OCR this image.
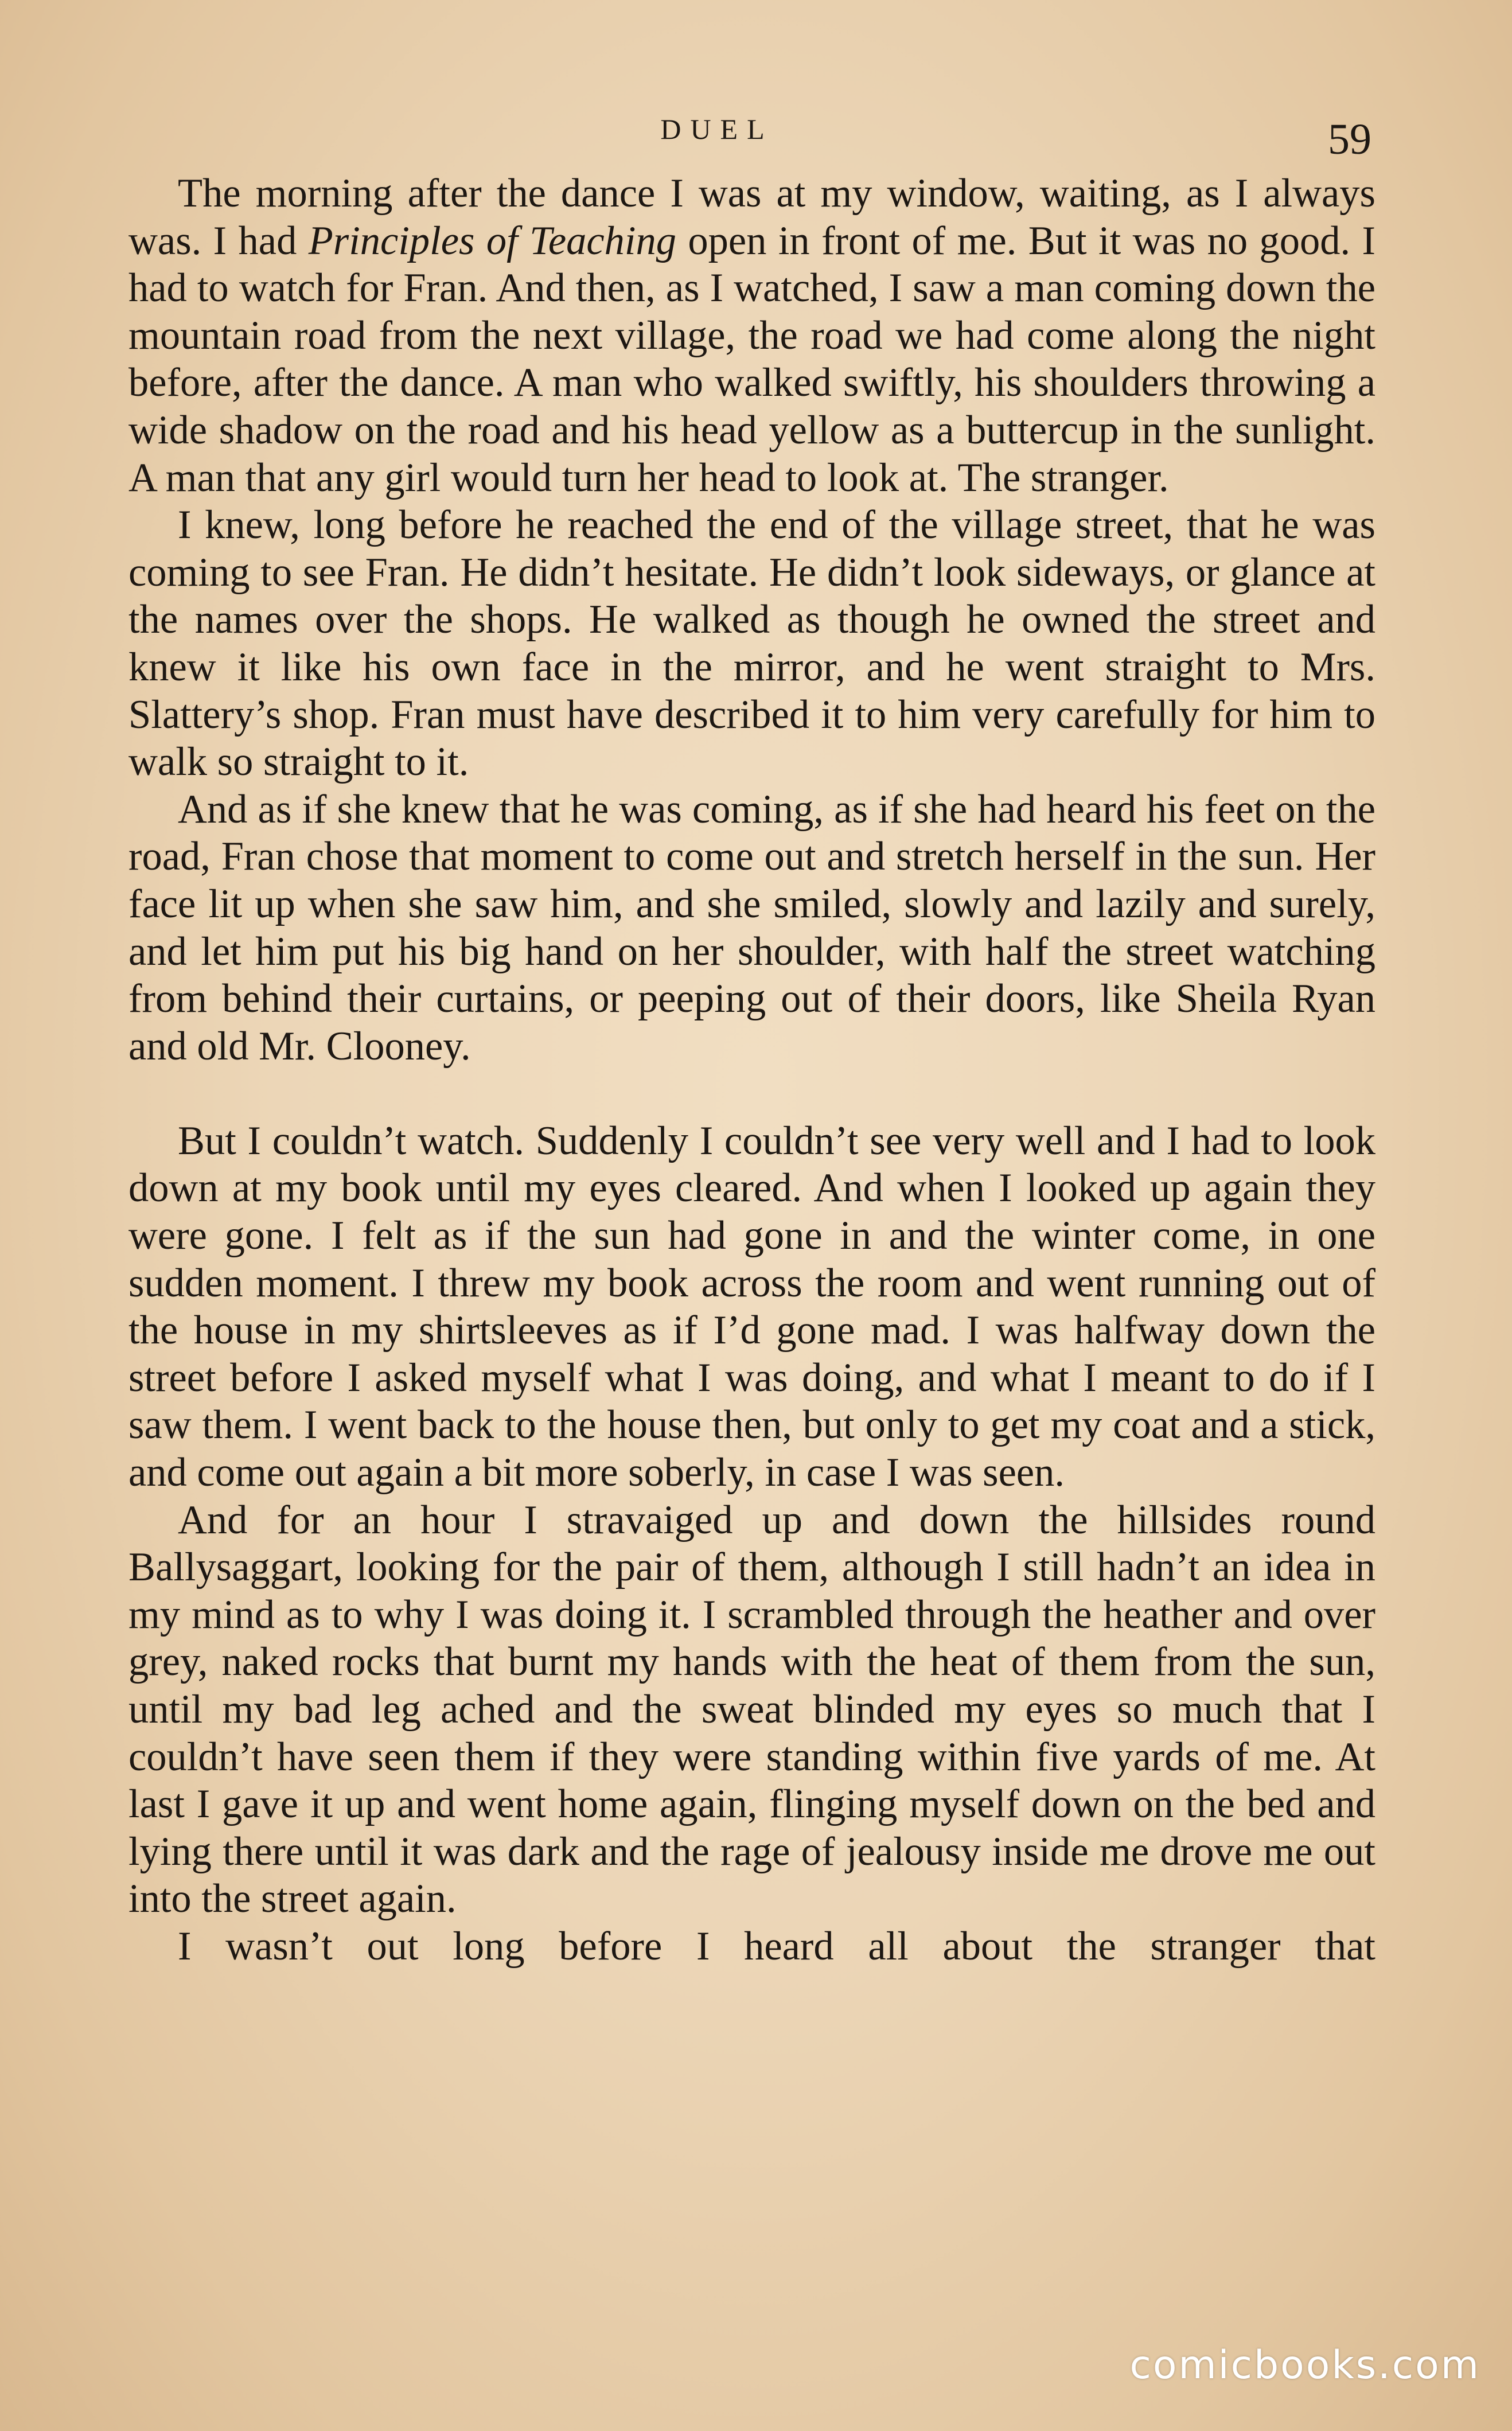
DUEL	59

The morning after the dance I was at my window, waiting, as I always was. I had Principles of Teaching open in front of me. But it was no good. I had to watch for Fran. And then, as I watched, I saw a man coming down the mountain road from the next village, the road we had come along the night before, after the dance. A man who walked swiftly, his shoulders throwing a wide shadow on the road and his head yellow as a buttercup in the sunlight. A man that any girl would turn her head to look at. The stranger.

I knew, long before he reached the end of the village street, that he was coming to see Fran. He didn’t hesitate. He didn’t look sideways, or glance at the names over the shops. He walked as though he owned the street and knew it like his own face in the mirror, and he went straight to Mrs. Slattery’s shop. Fran must have described it to him very carefully for him to walk so straight to it.

And as if she knew that he was coming, as if she had heard his feet on the road, Fran chose that moment to come out and stretch herself in the sun. Her face lit up when she saw him, and she smiled, slowly and lazily and surely, and let him put his big hand on her shoulder, with half the street watching from behind their curtains, or peeping out of their doors, like Sheila Ryan and old Mr. Clooney.

But I couldn’t watch. Suddenly I couldn’t see very well and I had to look down at my book until my eyes cleared. And when I looked up again they were gone. I felt as if the sun had gone in and the winter come, in one sudden moment. I threw my book across the room and went running out of the house in my shirtsleeves as if I’d gone mad. I was halfway down the street before I asked myself what I was doing, and what I meant to do if I saw them. I went back to the house then, but only to get my coat and a stick, and come out again a bit more soberly, in case I was seen.

And for an hour I stravaiged up and down the hillsides round Ballysaggart, looking for the pair of them, although I still hadn’t an idea in my mind as to why I was doing it. I scrambled through the heather and over grey, naked rocks that burnt my hands with the heat of them from the sun, until my bad leg ached and the sweat blinded my eyes so much that I couldn’t have seen them if they were standing within five yards of me. At last I gave it up and went home again, flinging myself down on the bed and lying there until it was dark and the rage of jealousy inside me drove me out into the street again.

I wasn’t out long before I heard all about the stranger that

comicbooks.com
